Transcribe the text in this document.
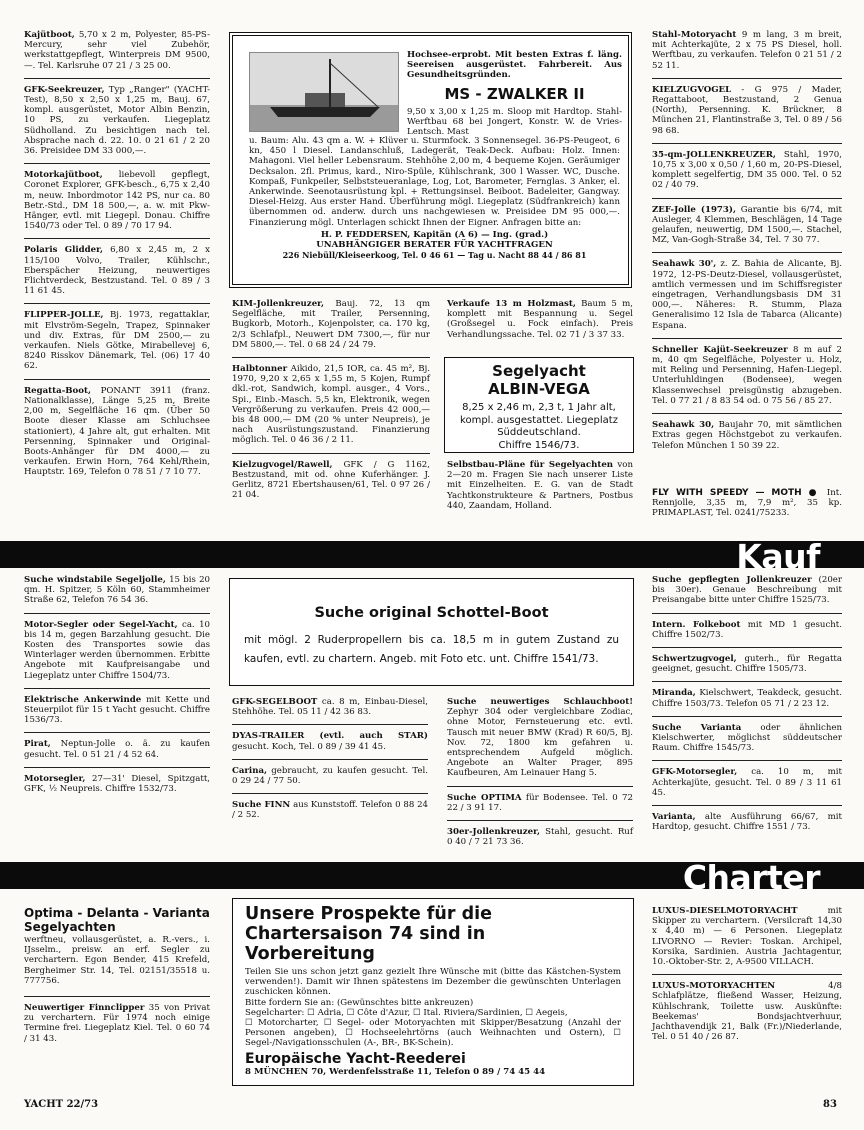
Kajütboot, 5,70 x 2 m, Polyester, 85-PS-Mercury, sehr viel Zubehör, werkstattgepflegt, Winterpreis DM 9500,—. Tel. Karlsruhe 07 21 / 3 25 00.
GFK-Seekreuzer, Typ „Ranger" (YACHT-Test), 8,50 x 2,50 x 1,25 m, Bauj. 67, kompl. ausgerüstet, Motor Albin Benzin, 10 PS, zu verkaufen. Liegeplatz Südholland. Zu besichtigen nach tel. Absprache nach d. 22. 10. 0 21 61 / 2 20 36. Preisidee DM 33 000,—.
Motorkajütboot, liebevoll gepflegt, Coronet Explorer, GFK-besch., 6,75 x 2,40 m, neuw. Inbordmotor 142 PS, nur ca. 80 Betr.-Std., DM 18 500,—, a. w. mit Pkw-Hänger, evtl. mit Liegepl. Donau. Chiffre 1540/73 oder Tel. 0 89 / 70 17 94.
Polaris Glidder, 6,80 x 2,45 m, 2 x 115/100 Volvo, Trailer, Kühlschr., Eberspächer Heizung, neuwertiges Flichtverdeck, Bestzustand. Tel. 0 89 / 3 11 61 45.
FLIPPER-JOLLE, Bj. 1973, regattaklar, mit Elvström-Segeln, Trapez, Spinnaker und div. Extras, für DM 2500,— zu verkaufen. Niels Götke, Mirabellevej 6, 8240 Risskov Dänemark, Tel. (06) 17 40 62.
Regatta-Boot, PONANT 3911 (franz. Nationalklasse), Länge 5,25 m, Breite 2,00 m, Segelfläche 16 qm. (Über 50 Boote dieser Klasse am Schluchsee stationiert), 4 Jahre alt, gut erhalten. Mit Persenning, Spinnaker und Original-Boots-Anhänger für DM 4000,— zu verkaufen. Erwin Horn, 764 Kehl/Rhein, Hauptstr. 169, Telefon 0 78 51 / 7 10 77.
Hochsee-erprobt. Mit besten Extras f. läng. Seereisen ausgerüstet. Fahrbereit. Aus Gesundheitsgründen.
MS - ZWALKER II
9,50 x 3,00 x 1,25 m. Sloop mit Hardtop. Stahl-Werftbau 68 bei Jongert, Konstr. W. de Vries-Lentsch. Mast
u. Baum: Alu. 43 qm a. W. + Klüver u. Sturmfock. 3 Sonnensegel. 36-PS-Peugeot, 6 kn, 450 l Diesel. Landanschluß, Ladegerät, Teak-Deck. Aufbau: Holz. Innen: Mahagoni. Viel heller Lebensraum. Stehhöhe 2,00 m, 4 bequeme Kojen. Geräumiger Decksalon. 2fl. Primus, kard., Niro-Spüle, Kühlschrank, 300 l Wasser. WC, Dusche. Kompaß, Funkpeiler, Selbststeueranlage, Log, Lot, Barometer, Fernglas. 3 Anker, el. Ankerwinde. Seenotausrüstung kpl. + Rettungsinsel. Beiboot. Badeleiter, Gangway. Diesel-Heizg. Aus erster Hand. Überführung mögl. Liegeplatz (Südfrankreich) kann übernommen od. anderw. durch uns nachgewiesen w. Preisidee DM 95 000,—. Finanzierung mögl. Unterlagen schickt Ihnen der Eigner. Anfragen bitte an:
H. P. FEDDERSEN, Kapitän (A 6) — Ing. (grad.)
UNABHÄNGIGER BERATER FÜR YACHTFRAGEN
226 Niebüll/Kleiseerkoog, Tel. 0 46 61 — Tag u. Nacht 88 44 / 86 81
KIM-Jollenkreuzer, Bauj. 72, 13 qm Segelfläche, mit Trailer, Persenning, Bugkorb, Motorh., Kojenpolster, ca. 170 kg, 2/3 Schlafpl., Neuwert DM 7300,—, für nur DM 5800,—. Tel. 0 68 24 / 24 79.
Halbtonner Aikido, 21,5 IOR, ca. 45 m², Bj. 1970, 9,20 x 2,65 x 1,55 m, 5 Kojen, Rumpf dkl.-rot, Sandwich, kompl. ausger., 4 Vors., Spi., Einb.-Masch. 5,5 kn, Elektronik, wegen Vergrößerung zu verkaufen. Preis 42 000,— bis 48 000,— DM (20 % unter Neupreis), je nach Ausrüstungszustand. Finanzierung möglich. Tel. 0 46 36 / 2 11.
Kielzugvogel/Rawell, GFK / G 1162, Bestzustand, mit od. ohne Kuferhänger. J. Gerlitz, 8721 Ebertshausen/61, Tel. 0 97 26 / 21 04.
Verkaufe 13 m Holzmast, Baum 5 m, komplett mit Bespannung u. Segel (Großsegel u. Fock einfach). Preis Verhandlungssache. Tel. 02 71 / 3 37 33.
Segelyacht
ALBIN-VEGA
8,25 x 2,46 m, 2,3 t, 1 Jahr alt, kompl. ausgestattet. Liegeplatz Süddeutschland.
Chiffre 1546/73.
Selbstbau-Pläne für Segelyachten von 2—20 m. Fragen Sie nach unserer Liste mit Einzelheiten. E. G. van de Stadt Yachtkonstrukteure & Partners, Postbus 440, Zaandam, Holland.
Stahl-Motoryacht 9 m lang, 3 m breit, mit Achterkajüte, 2 x 75 PS Diesel, holl. Werftbau, zu verkaufen. Telefon 0 21 51 / 2 52 11.
KIELZUGVOGEL - G 975 / Mader, Regattaboot, Bestzustand, 2 Genua (North), Persenning. K. Brückner, 8 München 21, Flantinstraße 3, Tel. 0 89 / 56 98 68.
35-qm-JOLLENKREUZER, Stahl, 1970, 10,75 x 3,00 x 0,50 / 1,60 m, 20-PS-Diesel, komplett segelfertig, DM 35 000. Tel. 0 52 02 / 40 79.
ZEF-Jolle (1973), Garantie bis 6/74, mit Ausleger, 4 Klemmen, Beschlägen, 14 Tage gelaufen, neuwertig, DM 1500,—. Stachel, MZ, Van-Gogh-Straße 34, Tel. 7 30 77.
Seahawk 30', z. Z. Bahia de Alicante, Bj. 1972, 12-PS-Deutz-Diesel, vollausgerüstet, amtlich vermessen und im Schiffsregister eingetragen, Verhandlungsbasis DM 31 000,—. Näheres: R. Stumm, Plaza Generalisimo 12 Isla de Tabarca (Alicante) Espana.
Schneller Kajüt-Seekreuzer 8 m auf 2 m, 40 qm Segelfläche, Polyester u. Holz, mit Reling und Persenning, Hafen-Liegepl. Unterluhldingen (Bodensee), wegen Klassenwechsel preisgünstig abzugeben. Tel. 0 77 21 / 8 83 54 od. 0 75 56 / 85 27.
Seahawk 30, Baujahr 70, mit sämtlichen Extras gegen Höchstgebot zu verkaufen. Telefon München 1 50 39 22.
FLY WITH SPEEDY — MOTH ● Int. Rennjolle, 3,35 m, 7,9 m², 35 kp. PRIMAPLAST, Tel. 0241/75233.
Kauf
Suche windstabile Segeljolle, 15 bis 20 qm. H. Spitzer, 5 Köln 60, Stammheimer Straße 62, Telefon 76 54 36.
Motor-Segler oder Segel-Yacht, ca. 10 bis 14 m, gegen Barzahlung gesucht. Die Kosten des Transportes sowie das Winterlager werden übernommen. Erbitte Angebote mit Kaufpreisangabe und Liegeplatz unter Chiffre 1504/73.
Elektrische Ankerwinde mit Kette und Steuerpilot für 15 t Yacht gesucht. Chiffre 1536/73.
Pirat, Neptun-Jolle o. ä. zu kaufen gesucht. Tel. 0 51 21 / 4 52 64.
Motorsegler, 27—31' Diesel, Spitzgatt, GFK, ½ Neupreis. Chiffre 1532/73.
Suche original Schottel-Boot
mit mögl. 2 Ruderpropellern bis ca. 18,5 m in gutem Zustand zu kaufen, evtl. zu chartern. Angeb. mit Foto etc. unt. Chiffre 1541/73.
GFK-SEGELBOOT ca. 8 m, Einbau-Diesel, Stehhöhe. Tel. 05 11 / 42 36 83.
DYAS-TRAILER (evtl. auch STAR) gesucht. Koch, Tel. 0 89 / 39 41 45.
Carina, gebraucht, zu kaufen gesucht. Tel. 0 29 24 / 77 50.
Suche FINN aus Kunststoff. Telefon 0 88 24 / 2 52.
Suche neuwertiges Schlauchboot! Zephyr 304 oder vergleichbare Zodiac, ohne Motor, Fernsteuerung etc. evtl. Tausch mit neuer BMW (Krad) R 60/5, Bj. Nov. 72, 1800 km gefahren u. entsprechendem Aufgeld möglich. Angebote an Walter Prager, 895 Kaufbeuren, Am Leinauer Hang 5.
Suche OPTIMA für Bodensee. Tel. 0 72 22 / 3 91 17.
30er-Jollenkreuzer, Stahl, gesucht. Ruf 0 40 / 7 21 73 36.
Suche gepflegten Jollenkreuzer (20er bis 30er). Genaue Beschreibung mit Preisangabe bitte unter Chiffre 1525/73.
Intern. Folkeboot mit MD 1 gesucht. Chiffre 1502/73.
Schwertzugvogel, guterh., für Regatta geeignet, gesucht. Chiffre 1505/73.
Miranda, Kielschwert, Teakdeck, gesucht. Chiffre 1503/73. Telefon 05 71 / 2 23 12.
Suche Varianta oder ähnlichen Kielschwerter, möglichst süddeutscher Raum. Chiffre 1545/73.
GFK-Motorsegler, ca. 10 m, mit Achterkajüte, gesucht. Tel. 0 89 / 3 11 61 45.
Varianta, alte Ausführung 66/67, mit Hardtop, gesucht. Chiffre 1551 / 73.
Charter
Optima - Delanta - Varianta Segelyachten
werftneu, vollausgerüstet, a. R.-vers., i. IJsselm., preisw. an erf. Segler zu verchartern. Egon Bender, 415 Krefeld, Bergheimer Str. 14, Tel. 02151/35518 u. 777756.
Neuwertiger Finnclipper 35 von Privat zu verchartern. Für 1974 noch einige Termine frei. Liegeplatz Kiel. Tel. 0 60 74 / 31 43.
Unsere Prospekte für die Chartersaison 74 sind in Vorbereitung
Teilen Sie uns schon jetzt ganz gezielt Ihre Wünsche mit (bitte das Kästchen-System verwenden!). Damit wir Ihnen spätestens im Dezember die gewünschten Unterlagen zuschicken können.
Bitte fordern Sie an: (Gewünschtes bitte ankreuzen)
Segelcharter: ☐ Adria, ☐ Côte d'Azur, ☐ Ital. Riviera/Sardinien, ☐ Aegeis,
☐ Motorcharter, ☐ Segel- oder Motoryachten mit Skipper/Besatzung (Anzahl der Personen angeben), ☐ Hochseelehrtörns (auch Weihnachten und Ostern), ☐ Segel-/Navigationsschulen (A-, BR-, BK-Schein).
Europäische Yacht-Reederei
8 MÜNCHEN 70, Werdenfelsstraße 11, Telefon 0 89 / 74 45 44
LUXUS-DIESELMOTORYACHT	mit Skipper zu verchartern. (Versilcraft 14,30 x 4,40 m) — 6 Personen. Liegeplatz LIVORNO — Revier: Toskan. Archipel, Korsika, Sardinien. Austria Jachtagentur, 10.-Oktober-Str. 2, A-9500 VILLACH.
LUXUS-MOTORYACHTEN	4/8 Schlafplätze, fließend Wasser, Heizung, Kühlschrank, Toilette usw. Auskünfte: Beekemas' Bondsjachtverhuur, Jachthavendijk 21, Balk (Fr.)/Niederlande, Tel. 0 51 40 / 26 87.
YACHT 22/73	83
